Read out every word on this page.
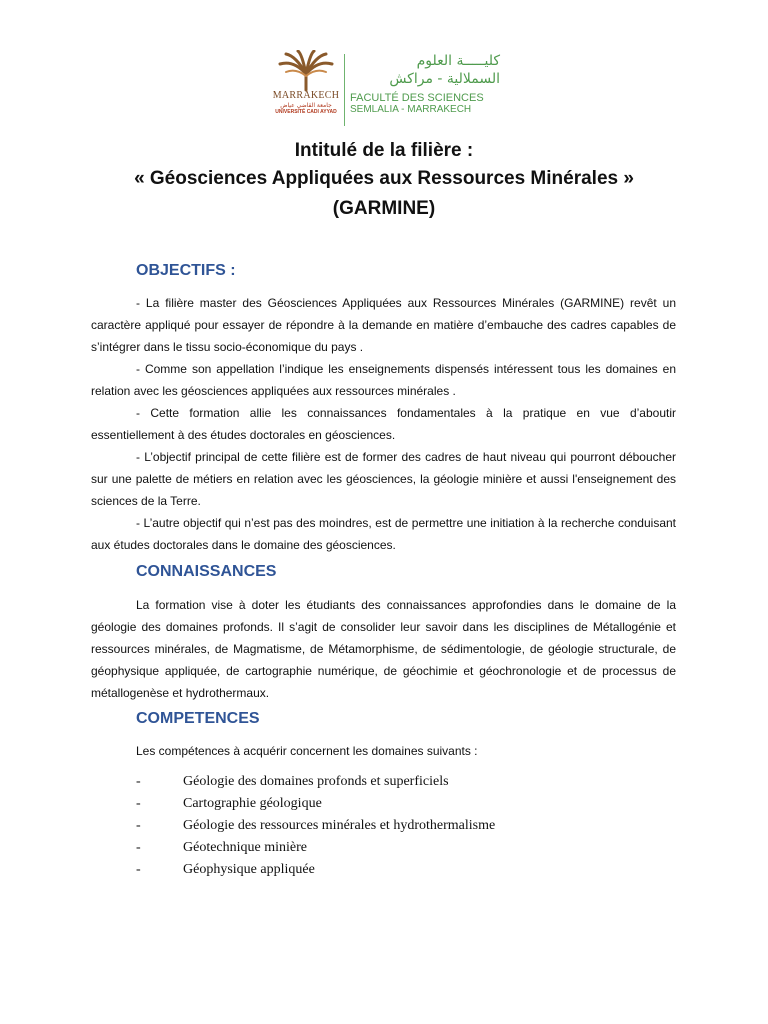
MARRAKECH
جامعة القاضي عياض
UNIVERSITÉ CADI AYYAD
كليـــــة العلوم
السملالية - مراكش
FACULTÉ DES SCIENCES
SEMLALIA - MARRAKECH
Intitulé de la filière :
« Géosciences Appliquées aux Ressources Minérales »
(GARMINE)
OBJECTIFS :

- La filière master des Géosciences Appliquées aux Ressources Minérales (GARMINE) revêt un caractère appliqué pour essayer de répondre à la demande en matière d’embauche des cadres capables de s’intégrer dans le tissu socio-économique du pays .

- Comme son appellation l’indique les enseignements dispensés intéressent tous les domaines en relation avec les géosciences appliquées aux ressources minérales .

- Cette formation allie les connaissances fondamentales à la pratique en vue d’aboutir essentiellement à des études doctorales en géosciences.

- L’objectif principal de cette filière est de former des cadres de haut niveau qui pourront déboucher sur une palette de métiers en relation avec les géosciences, la géologie minière et aussi l'enseignement des sciences de la Terre.

- L’autre objectif qui n’est pas des moindres, est de permettre une initiation à la recherche conduisant aux études doctorales dans le domaine des géosciences.

CONNAISSANCES

La formation vise à doter les étudiants des connaissances approfondies dans le domaine de la géologie des domaines profonds. Il s’agit de consolider leur savoir dans les disciplines de Métallogénie et ressources minérales, de Magmatisme, de Métamorphisme, de sédimentologie, de géologie structurale, de géophysique appliquée, de cartographie numérique, de géochimie et géochronologie et de processus de métallogenèse et hydrothermaux.

COMPETENCES
Les compétences à acquérir concernent les domaines suivants :
-	Géologie des domaines profonds et superficiels
-	Cartographie géologique
-	Géologie des ressources minérales et hydrothermalisme
-	Géotechnique minière
-	Géophysique appliquée
